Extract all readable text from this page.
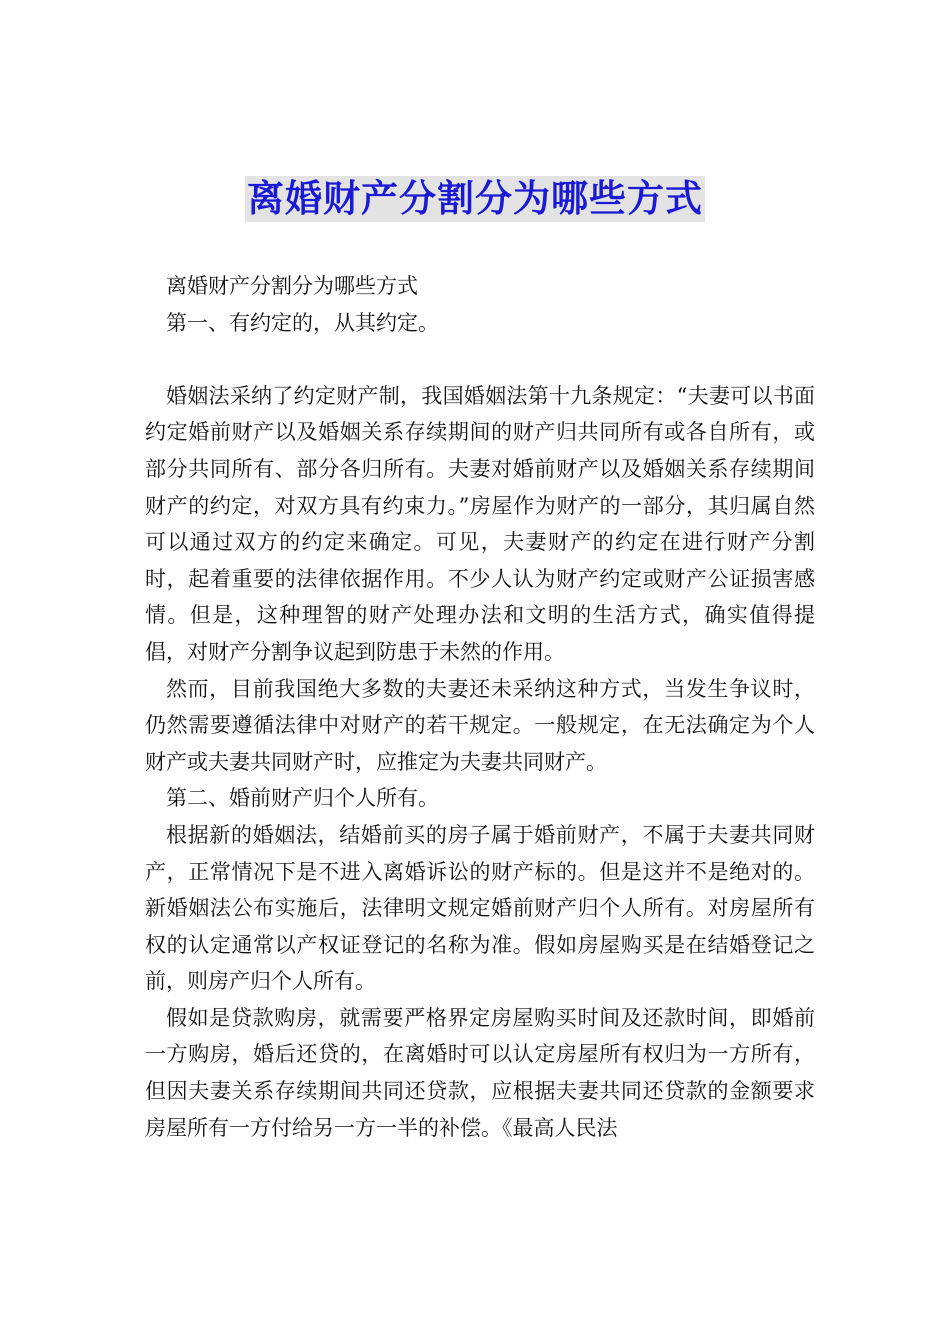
离婚财产分割分为哪些方式

离婚财产分割分为哪些方式

第一、有约定的，从其约定。

婚姻法采纳了约定财产制，我国婚姻法第十九条规定：“夫妻可以书面约定婚前财产以及婚姻关系存续期间的财产归共同所有或各自所有，或部分共同所有、部分各归所有。夫妻对婚前财产以及婚姻关系存续期间财产的约定，对双方具有约束力。”房屋作为财产的一部分，其归属自然可以通过双方的约定来确定。可见，夫妻财产的约定在进行财产分割时，起着重要的法律依据作用。不少人认为财产约定或财产公证损害感情。但是，这种理智的财产处理办法和文明的生活方式，确实值得提倡，对财产分割争议起到防患于未然的作用。

然而，目前我国绝大多数的夫妻还未采纳这种方式，当发生争议时，仍然需要遵循法律中对财产的若干规定。一般规定，在无法确定为个人财产或夫妻共同财产时，应推定为夫妻共同财产。

第二、婚前财产归个人所有。

根据新的婚姻法，结婚前买的房子属于婚前财产，不属于夫妻共同财产，正常情况下是不进入离婚诉讼的财产标的。但是这并不是绝对的。新婚姻法公布实施后，法律明文规定婚前财产归个人所有。对房屋所有权的认定通常以产权证登记的名称为准。假如房屋购买是在结婚登记之前，则房产归个人所有。

假如是贷款购房，就需要严格界定房屋购买时间及还款时间，即婚前一方购房，婚后还贷的，在离婚时可以认定房屋所有权归为一方所有，但因夫妻关系存续期间共同还贷款，应根据夫妻共同还贷款的金额要求房屋所有一方付给另一方一半的补偿。《最高人民法
